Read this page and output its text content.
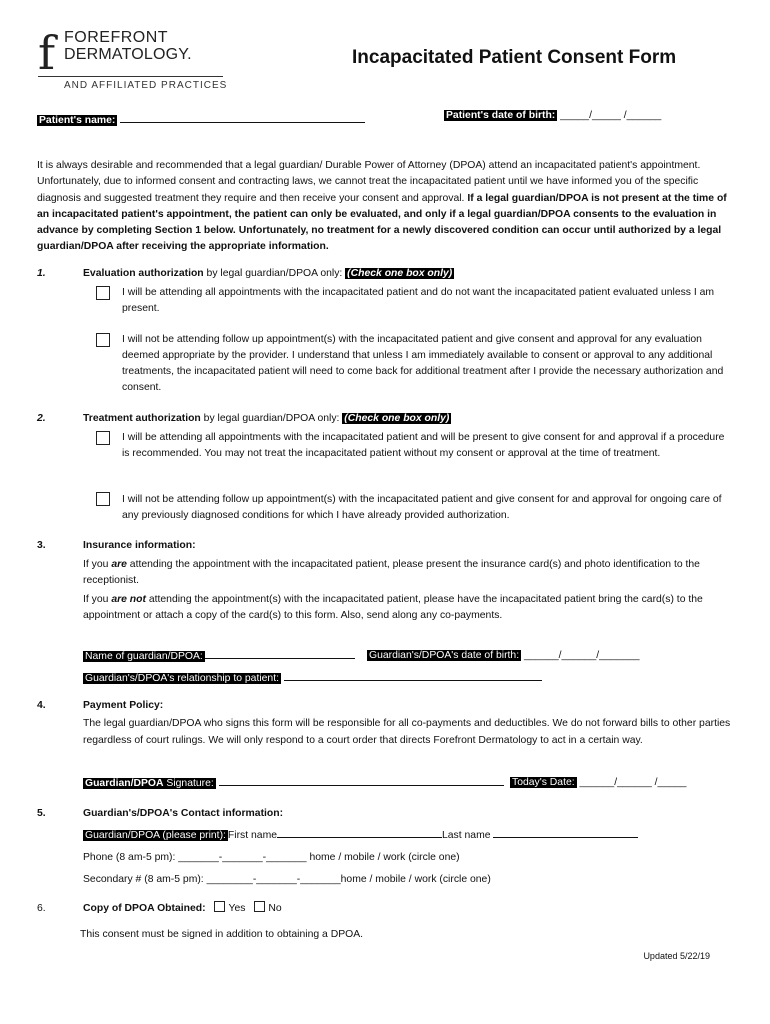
f FOREFRONT
DERMATOLOGY.
AND AFFILIATED PRACTICES
Incapacitated Patient Consent Form
Patient's name:	Patient's date of birth: _____/_____ /______
It is always desirable and recommended that a legal guardian/ Durable Power of Attorney (DPOA) attend an incapacitated patient's appointment. Unfortunately, due to informed consent and contracting laws, we cannot treat the incapacitated patient until we have informed you of the specific diagnosis and suggested treatment they require and then receive your consent and approval. If a legal guardian/DPOA is not present at the time of an incapacitated patient's appointment, the patient can only be evaluated, and only if a legal guardian/DPOA consents to the evaluation in advance by completing Section 1 below. Unfortunately, no treatment for a newly discovered condition can occur until authorized by a legal guardian/DPOA after receiving the appropriate information.
1.	Evaluation authorization by legal guardian/DPOA only: (Check one box only)
I will be attending all appointments with the incapacitated patient and do not want the incapacitated patient evaluated unless I am present.
I will not be attending follow up appointment(s) with the incapacitated patient and give consent and approval for any evaluation deemed appropriate by the provider. I understand that unless I am immediately available to consent or approval to any additional treatments, the incapacitated patient will need to come back for additional treatment after I provide the necessary authorization and consent.
2.	Treatment authorization by legal guardian/DPOA only: (Check one box only)
I will be attending all appointments with the incapacitated patient and will be present to give consent for and approval if a procedure is recommended. You may not treat the incapacitated patient without my consent or approval at the time of treatment.
I will not be attending follow up appointment(s) with the incapacitated patient and give consent for and approval for ongoing care of any previously diagnosed conditions for which I have already provided authorization.
3.	Insurance information:
If you are attending the appointment with the incapacitated patient, please present the insurance card(s) and photo identification to the receptionist.
If you are not attending the appointment(s) with the incapacitated patient, please have the incapacitated patient bring the card(s) to the appointment or attach a copy of the card(s) to this form. Also, send along any co-payments.
Name of guardian/DPOA:	Guardian's/DPOA's date of birth: ______/______/_______
Guardian's/DPOA's relationship to patient:
4.	Payment Policy:
The legal guardian/DPOA who signs this form will be responsible for all co-payments and deductibles. We do not forward bills to other parties regardless of court rulings. We will only respond to a court order that directs Forefront Dermatology to act in a certain way.
Guardian/DPOA Signature:	Today's Date: ______/______ /_____
5.	Guardian's/DPOA's Contact information:
Guardian/DPOA (please print): First name	Last name
Phone (8 am-5 pm): _______-_______-_______ home / mobile / work (circle one)
Secondary # (8 am-5 pm): ________-_______-_______home / mobile / work (circle one)
6.	Copy of DPOA Obtained: Yes No
This consent must be signed in addition to obtaining a DPOA.
Updated 5/22/19
